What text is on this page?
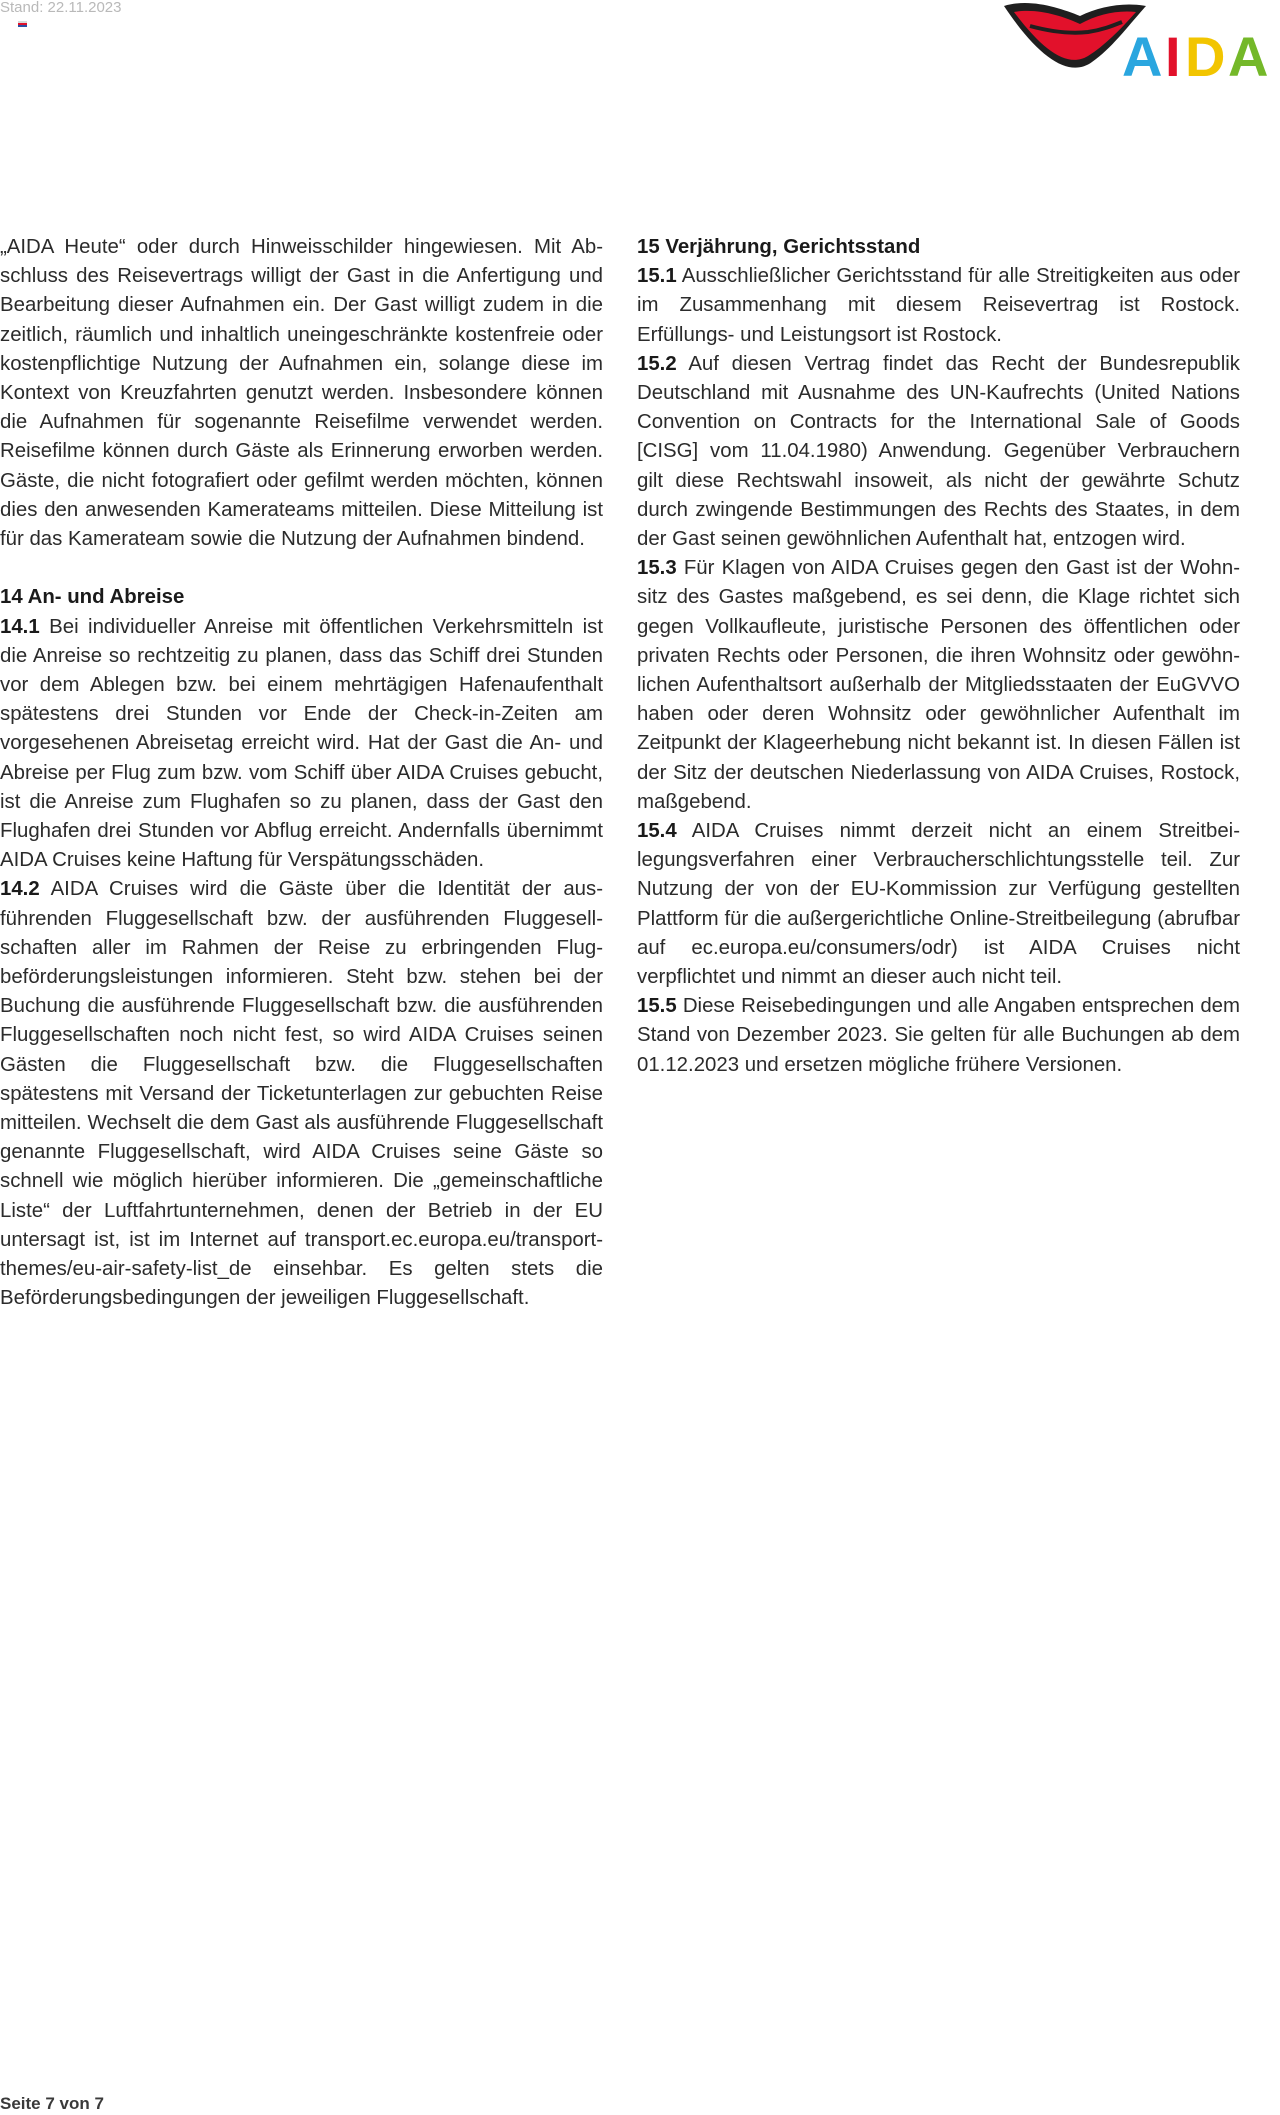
Stand: 22.11.2023
A I D A

„AIDA Heute“ oder durch Hinweisschilder hingewiesen. Mit Abschluss des Reisevertrags willigt der Gast in die Anfertigung und Bearbeitung dieser Aufnahmen ein. Der Gast willigt zudem in die zeitlich, räumlich und inhaltlich uneingeschränkte kostenfreie oder kostenpflichtige Nutzung der Aufnahmen ein, solange diese im Kontext von Kreuzfahrten genutzt werden. Insbesondere können die Aufnahmen für sogenannte Reisefilme verwendet werden. Reisefilme können durch Gäste als Erinnerung erworben werden. Gäste, die nicht fotografiert oder gefilmt werden möchten, können dies den anwesenden Kamerateams mitteilen. Diese Mitteilung ist für das Kamerateam sowie die Nutzung der Aufnahmen bindend.

14 An- und Abreise

14.1 Bei individueller Anreise mit öffentlichen Verkehrsmitteln ist die Anreise so rechtzeitig zu planen, dass das Schiff drei Stunden vor dem Ablegen bzw. bei einem mehrtägigen Hafenaufenthalt spätestens drei Stunden vor Ende der Check-in-Zeiten am vorgesehenen Abreisetag erreicht wird. Hat der Gast die An- und Abreise per Flug zum bzw. vom Schiff über AIDA Cruises gebucht, ist die Anreise zum Flughafen so zu planen, dass der Gast den Flughafen drei Stunden vor Abflug erreicht. Andernfalls übernimmt AIDA Cruises keine Haftung für Verspätungsschäden.

14.2 AIDA Cruises wird die Gäste über die Identität der ausführenden Fluggesellschaft bzw. der ausführenden Fluggesellschaften aller im Rahmen der Reise zu erbringenden Flugbeförderungsleistungen informieren. Steht bzw. stehen bei der Buchung die ausführende Fluggesellschaft bzw. die ausführenden Fluggesellschaften noch nicht fest, so wird AIDA Cruises seinen Gästen die Fluggesellschaft bzw. die Fluggesellschaften spätestens mit Versand der Ticketunterlagen zur gebuchten Reise mitteilen. Wechselt die dem Gast als ausführende Fluggesellschaft genannte Fluggesellschaft, wird AIDA Cruises seine Gäste so schnell wie möglich hierüber informieren. Die „gemeinschaftliche Liste“ der Luftfahrtunternehmen, denen der Betrieb in der EU untersagt ist, ist im Internet auf transport.ec.europa.eu/transport-themes/eu-air-safety-list_de einsehbar. Es gelten stets die Beförderungsbedingungen der jeweiligen Fluggesellschaft.

15 Verjährung, Gerichtsstand

15.1 Ausschließlicher Gerichtsstand für alle Streitigkeiten aus oder im Zusammenhang mit diesem Reisevertrag ist Rostock. Erfüllungs- und Leistungsort ist Rostock.

15.2 Auf diesen Vertrag findet das Recht der Bundesrepublik Deutschland mit Ausnahme des UN-Kaufrechts (United Nations Convention on Contracts for the International Sale of Goods [CISG] vom 11.04.1980) Anwendung. Gegenüber Verbrauchern gilt diese Rechtswahl insoweit, als nicht der gewährte Schutz durch zwingende Bestimmungen des Rechts des Staates, in dem der Gast seinen gewöhnlichen Aufenthalt hat, entzogen wird.

15.3 Für Klagen von AIDA Cruises gegen den Gast ist der Wohnsitz des Gastes maßgebend, es sei denn, die Klage richtet sich gegen Vollkaufleute, juristische Personen des öffentlichen oder privaten Rechts oder Personen, die ihren Wohnsitz oder gewöhnlichen Aufenthaltsort außerhalb der Mitgliedsstaaten der EuGVVO haben oder deren Wohnsitz oder gewöhnlicher Aufenthalt im Zeitpunkt der Klageerhebung nicht bekannt ist. In diesen Fällen ist der Sitz der deutschen Niederlassung von AIDA Cruises, Rostock, maßgebend.

15.4 AIDA Cruises nimmt derzeit nicht an einem Streitbeilegungsverfahren einer Verbraucherschlichtungsstelle teil. Zur Nutzung der von der EU-Kommission zur Verfügung gestellten Plattform für die außergerichtliche Online-Streitbeilegung (abrufbar auf ec.europa.eu/consumers/odr) ist AIDA Cruises nicht verpflichtet und nimmt an dieser auch nicht teil.

15.5 Diese Reisebedingungen und alle Angaben entsprechen dem Stand von Dezember 2023. Sie gelten für alle Buchungen ab dem 01.12.2023 und ersetzen mögliche frühere Versionen.

Seite 7 von 7
